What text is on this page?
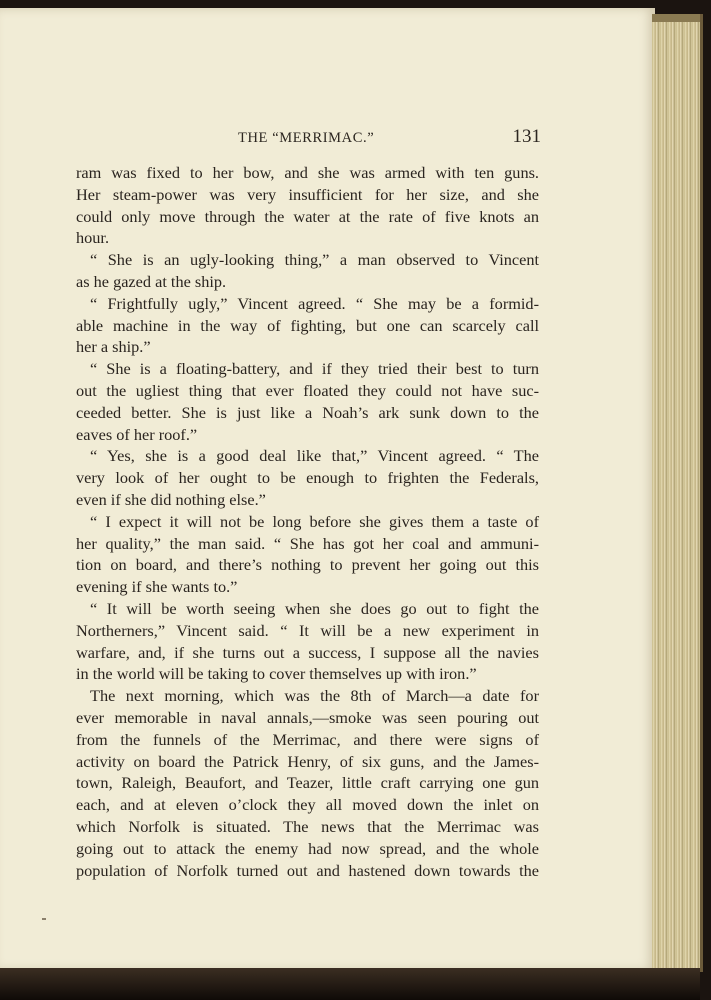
THE “MERRIMAC.”	131

ram was fixed to her bow, and she was armed with ten guns.

Her steam-power was very insufficient for her size, and she

could only move through the water at the rate of five knots an

hour.

“ She is an ugly-looking thing,” a man observed to Vincent

as he gazed at the ship.

“ Frightfully ugly,” Vincent agreed. “ She may be a formid-

able machine in the way of fighting, but one can scarcely call

her a ship.”

“ She is a floating-battery, and if they tried their best to turn

out the ugliest thing that ever floated they could not have suc-

ceeded better. She is just like a Noah’s ark sunk down to the

eaves of her roof.”

“ Yes, she is a good deal like that,” Vincent agreed. “ The

very look of her ought to be enough to frighten the Federals,

even if she did nothing else.”

“ I expect it will not be long before she gives them a taste of

her quality,” the man said. “ She has got her coal and ammuni-

tion on board, and there’s nothing to prevent her going out this

evening if she wants to.”

“ It will be worth seeing when she does go out to fight the

Northerners,” Vincent said. “ It will be a new experiment in

warfare, and, if she turns out a success, I suppose all the navies

in the world will be taking to cover themselves up with iron.”

The next morning, which was the 8th of March—a date for

ever memorable in naval annals,—smoke was seen pouring out

from the funnels of the Merrimac, and there were signs of

activity on board the Patrick Henry, of six guns, and the James-

town, Raleigh, Beaufort, and Teazer, little craft carrying one gun

each, and at eleven o’clock they all moved down the inlet on

which Norfolk is situated. The news that the Merrimac was

going out to attack the enemy had now spread, and the whole

population of Norfolk turned out and hastened down towards the
